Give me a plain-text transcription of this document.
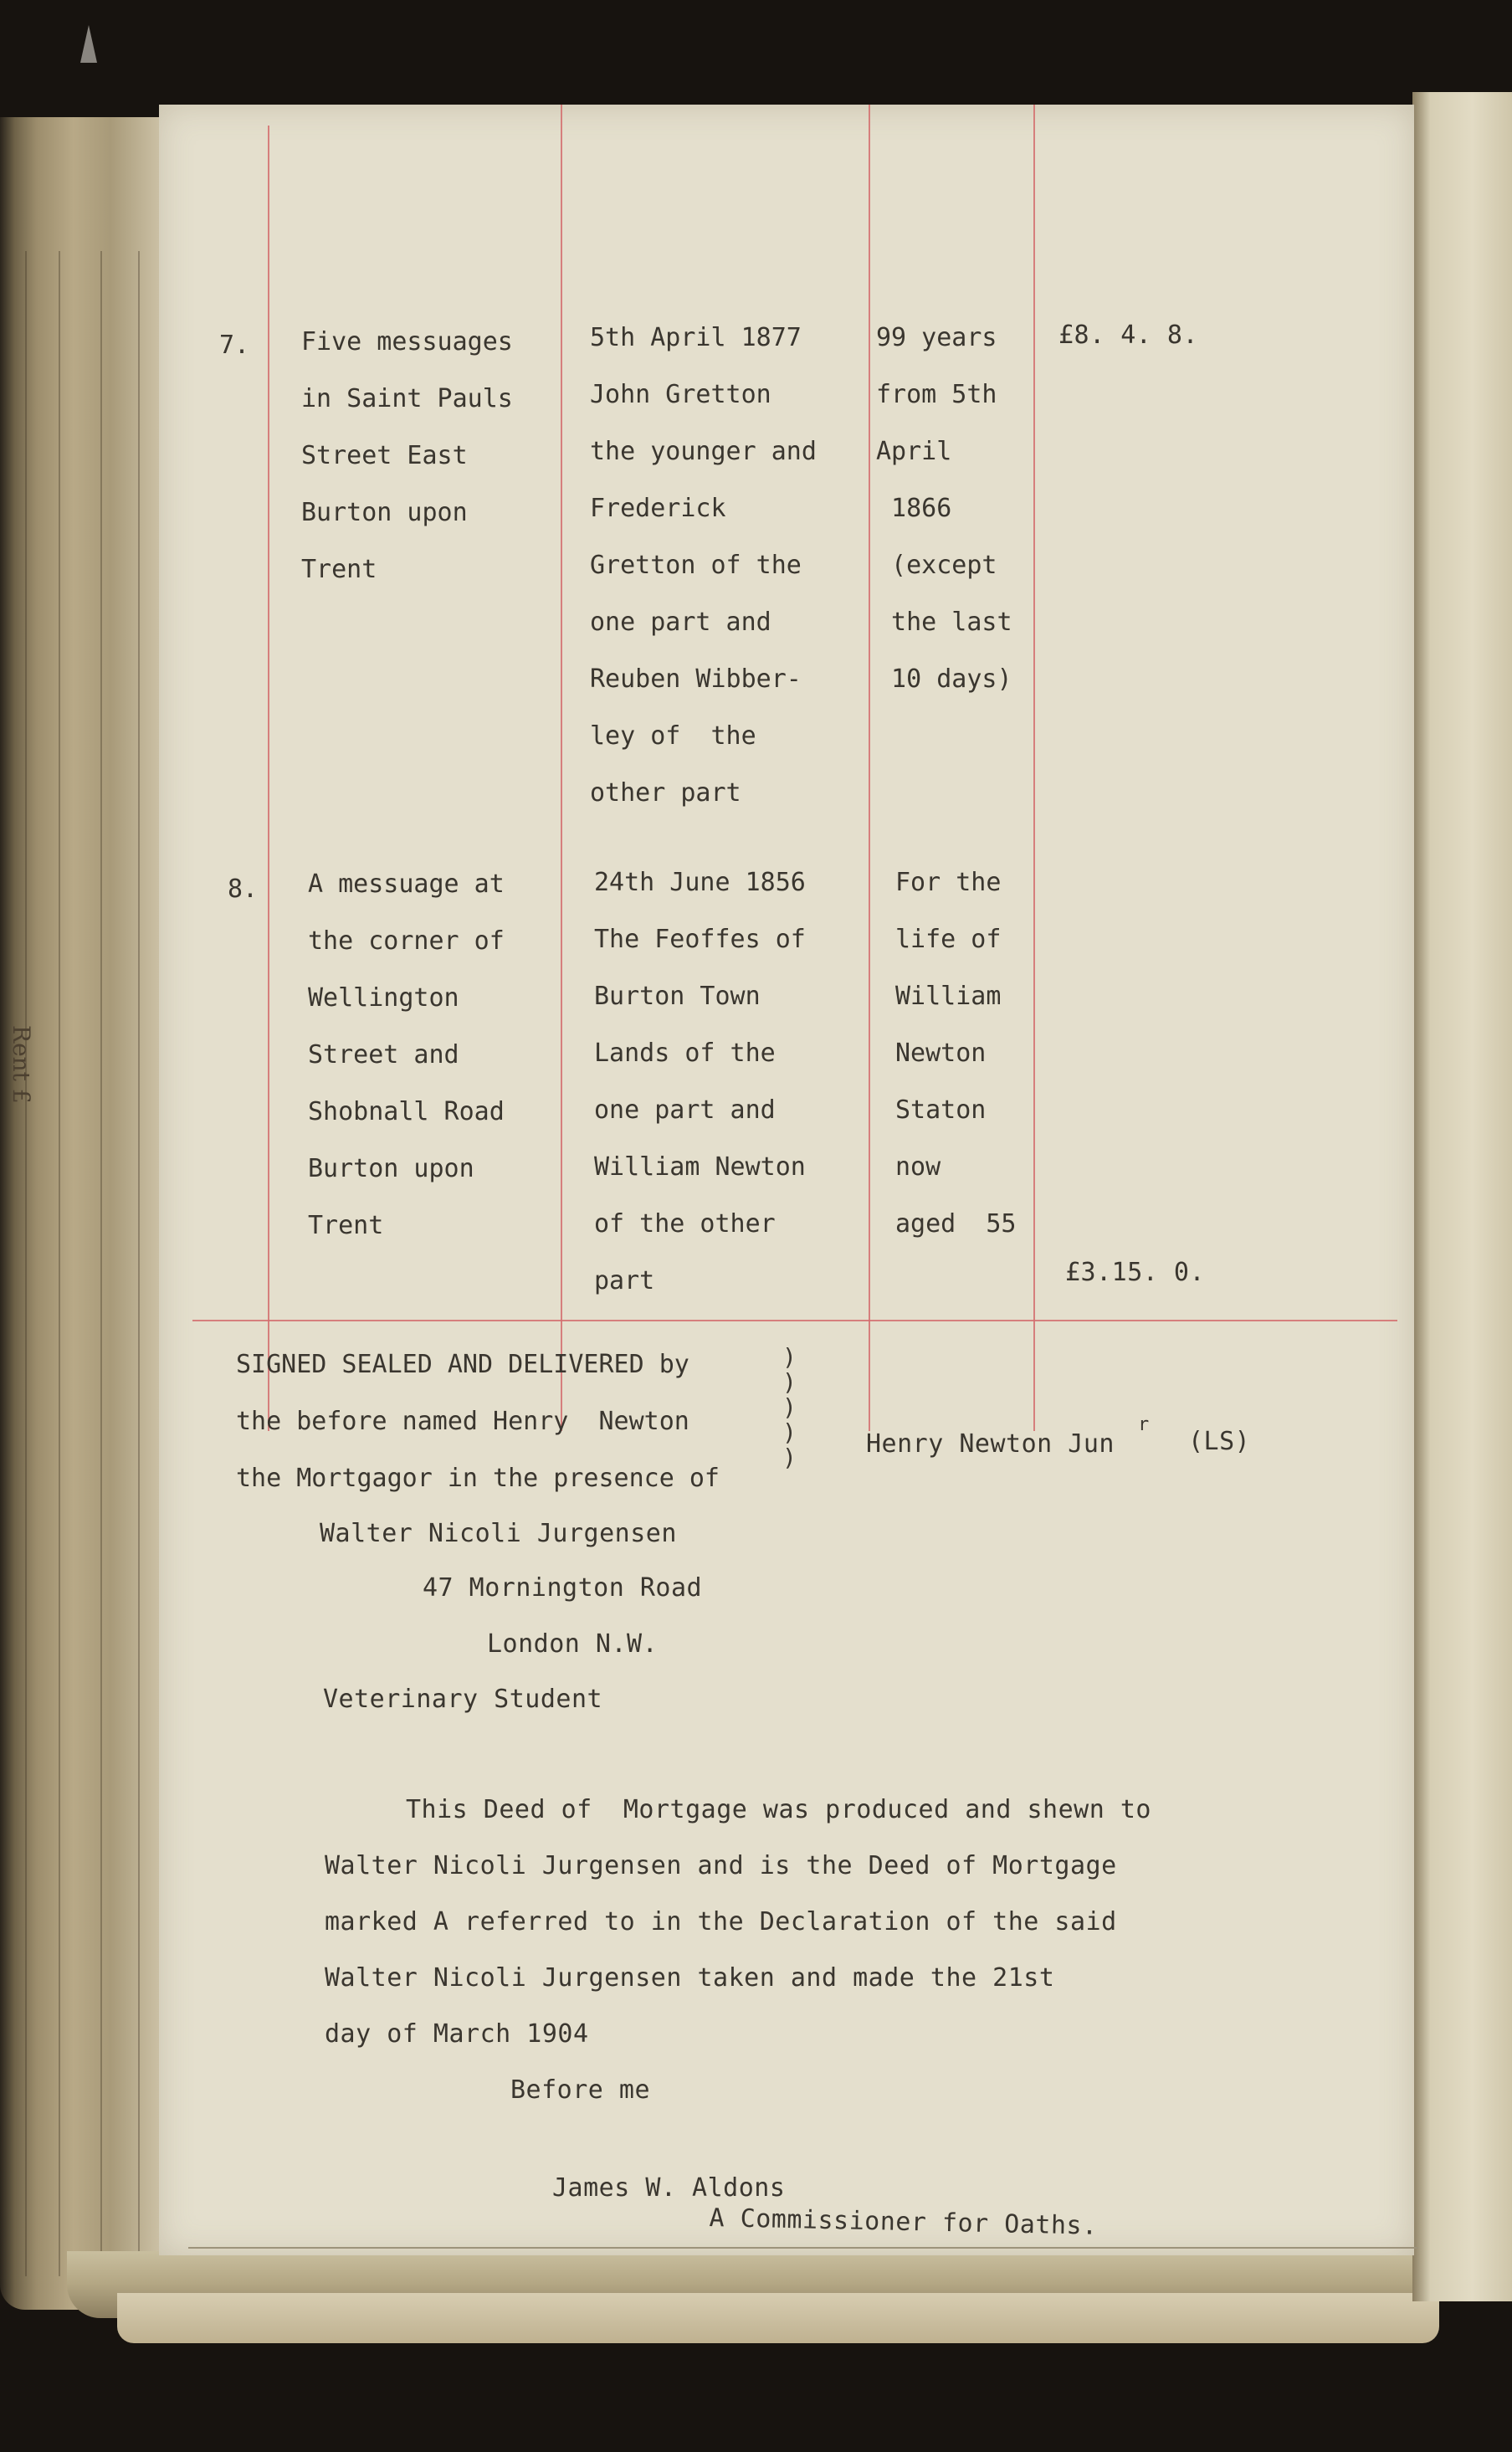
Rent £
7. Five messuages
in Saint Pauls
Street East
Burton upon
Trent
5th April 1877
John Gretton
the younger and
Frederick
Gretton of the
one part and
Reuben Wibber-
ley of  the
other part
99 years
from 5th
April
1866
(except
the last
10 days)
£8. 4. 8.
8. A messuage at
the corner of
Wellington
Street and
Shobnall Road
Burton upon
Trent
24th June 1856
The Feoffes of
Burton Town
Lands of the
one part and
William Newton
of the other
part
For the
life of
William
Newton
Staton
now
aged  55
£3.15. 0.
SIGNED SEALED AND DELIVERED by
the before named Henry  Newton
the Mortgagor in the presence of
)
)
)
)
)	Henry Newton Jun
r
(LS)
Walter Nicoli Jurgensen
47 Mornington Road
London N.W.
Veterinary Student
This Deed of  Mortgage was produced and shewn to
Walter Nicoli Jurgensen and is the Deed of Mortgage
marked A referred to in the Declaration of the said
Walter Nicoli Jurgensen taken and made the 21st
day of March 1904
Before me
James W. Aldons
A Commissioner for Oaths.
